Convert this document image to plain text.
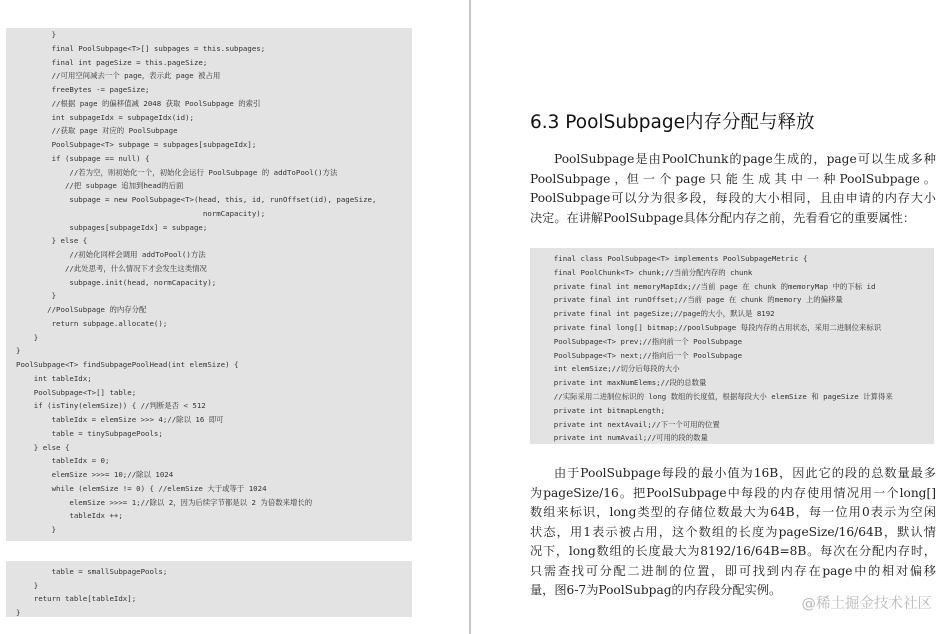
}
final PoolSubpage<T>[] subpages = this.subpages;
final int pageSize = this.pageSize;
//可用空间减去一个 page，表示此 page 被占用
freeBytes -= pageSize;
//根据 page 的偏移值减 2048 获取 PoolSubpage 的索引
int subpageIdx = subpageIdx(id);
//获取 page 对应的 PoolSubpage
PoolSubpage<T> subpage = subpages[subpageIdx];
if (subpage == null) {
//若为空，则初始化一个，初始化会运行 PoolSubpage 的 addToPool()方法
//把 subpage 追加到head的后面
subpage = new PoolSubpage<T>(head, this, id, runOffset(id), pageSize,
normCapacity);
subpages[subpageIdx] = subpage;
} else {
//初始化同样会调用 addToPool()方法
//此处思考，什么情况下才会发生这类情况
subpage.init(head, normCapacity);
}
//PoolSubpage 的内存分配
return subpage.allocate();
}
}
PoolSubpage<T> findSubpagePoolHead(int elemSize) {
int tableIdx;
PoolSubpage<T>[] table;
if (isTiny(elemSize)) { //判断是否 < 512
tableIdx = elemSize >>> 4;//除以 16 即可
table = tinySubpagePools;
} else {
tableIdx = 0;
elemSize >>>= 10;//除以 1024
while (elemSize != 0) { //elemSize 大于或等于 1024
elemSize >>>= 1;//除以 2，因为后续字节都是以 2 为倍数来增长的
tableIdx ++;
}
table = smallSubpagePools;
}
return table[tableIdx];
}
6.3 PoolSubpage内存分配与释放
PoolSubpage是由PoolChunk的page生成的，page可以生成多种
PoolSubpage ，但 一 个 page 只 能 生 成 其 中 一 种 PoolSubpage 。
PoolSubpage可以分为很多段，每段的大小相同，且由申请的内存大小
决定。在讲解PoolSubpage具体分配内存之前，先看看它的重要属性：
final class PoolSubpage<T> implements PoolSubpageMetric {
final PoolChunk<T> chunk;//当前分配内存的 chunk
private final int memoryMapIdx;//当前 page 在 chunk 的memoryMap 中的下标 id
private final int runOffset;//当前 page 在 chunk 的memory 上的偏移量
private final int pageSize;//page的大小，默认是 8192
private final long[] bitmap;//poolSubpage 每段内存的占用状态，采用二进制位来标识
PoolSubpage<T> prev;//指向前一个 PoolSubpage
PoolSubpage<T> next;//指向后一个 PoolSubpage
int elemSize;//切分后每段的大小
private int maxNumElems;//段的总数量
//实际采用二进制位标识的 long 数组的长度值，根据每段大小 elemSize 和 pageSize 计算得来
private int bitmapLength;
private int nextAvail;//下一个可用的位置
private int numAvail;//可用的段的数量
由于PoolSubpage每段的最小值为16B，因此它的段的总数量最多
为pageSize/16。把PoolSubpage中每段的内存使用情况用一个long[]
数组来标识，long类型的存储位数最大为64B，每一位用0表示为空闲
状态，用1表示被占用，这个数组的长度为pageSize/16/64B，默认情
况下，long数组的长度最大为8192/16/64B=8B。每次在分配内存时，
只需查找可分配二进制的位置，即可找到内存在page中的相对偏移
量，图6-7为PoolSubpag的内存段分配实例。
@稀土掘金技术社区
